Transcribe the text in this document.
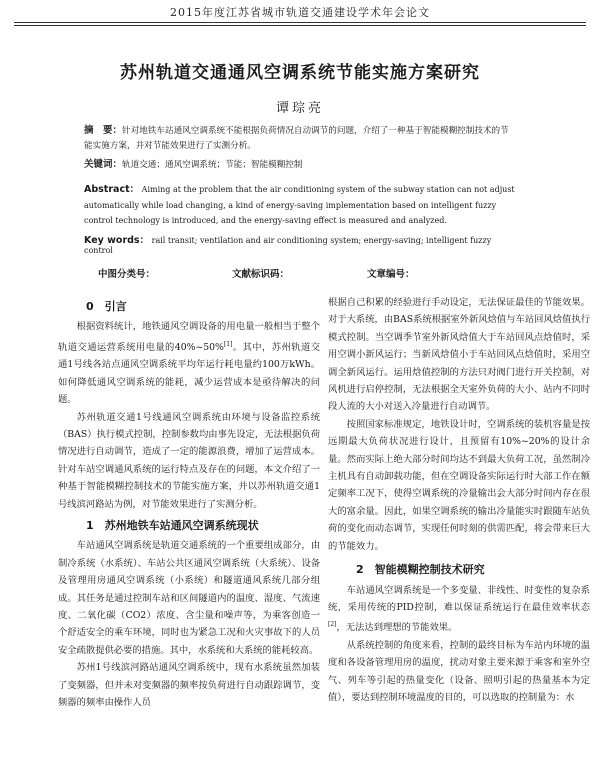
2015年度江苏省城市轨道交通建设学术年会论文
苏州轨道交通通风空调系统节能实施方案研究
谭琮亮
摘　要：针对地铁车站通风空调系统不能根据负荷情况自动调节的问题，介绍了一种基于智能模糊控制技术的节能实施方案，并对节能效果进行了实测分析。
关键词：轨道交通；通风空调系统；节能；智能模糊控制
Abstract： Aiming at the problem that the air conditioning system of the subway station can not adjust automatically while load changing, a kind of energy-saving implementation based on intelligent fuzzy control technology is introduced, and the energy-saving effect is measured and analyzed.
Key words： rail transit; ventilation and air conditioning system; energy-saving; intelligent fuzzy control
中图分类号：	文献标识码：	文章编号：
0　引言

根据资料统计，地铁通风空调设备的用电量一般相当于整个轨道交通运营系统用电量的40%~50%[1]。其中，苏州轨道交通1号线各站点通风空调系统平均年运行耗电量约100万kWh。如何降低通风空调系统的能耗，减少运营成本是亟待解决的问题。

苏州轨道交通1号线通风空调系统由环境与设备监控系统（BAS）执行模式控制，控制参数均由事先设定，无法根据负荷情况进行自动调节，造成了一定的能源浪费，增加了运营成本。针对车站空调通风系统的运行特点及存在的问题，本文介绍了一种基于智能模糊控制技术的节能实施方案，并以苏州轨道交通1号线滨河路站为例，对节能效果进行了实测分析。

1　苏州地铁车站通风空调系统现状

车站通风空调系统是轨道交通系统的一个重要组成部分，由制冷系统（水系统）、车站公共区通风空调系统（大系统）、设备及管理用房通风空调系统（小系统）和隧道通风系统几部分组成。其任务是通过控制车站和区间隧道内的温度、湿度、气流速度、二氧化碳（CO2）浓度、含尘量和噪声等，为乘客创造一个舒适安全的乘车环境，同时也为紧急工况和火灾事故下的人员安全疏散提供必要的措施。其中，水系统和大系统的能耗较高。

苏州1号线滨河路站通风空调系统中，现有水系统虽然加装了变频器，但并未对变频器的频率按负荷进行自动跟踪调节，变频器的频率由操作人员

根据自己积累的经验进行手动设定，无法保证最佳的节能效果。对于大系统，由BAS系统根据室外新风焓值与车站回风焓值执行模式控制。当空调季节室外新风焓值大于车站回风点焓值时，采用空调小新风运行；当新风焓值小于车站回风点焓值时，采用空调全新风运行。运用焓值控制的方法只对阀门进行开关控制，对风机进行启停控制，无法根据全天室外负荷的大小、站内不同时段人流的大小对送入冷量进行自动调节。

按照国家标准规定，地铁设计时，空调系统的装机容量是按远期最大负荷状况进行设计，且预留有10%~20%的设计余量。然而实际上绝大部分时间均达不到最大负荷工况，虽然制冷主机具有自动卸载功能，但在空调设备实际运行时大部工作在额定频率工况下，使得空调系统的冷量输出会大部分时间内存在很大的富余量。因此，如果空调系统的输出冷量能实时跟随车站负荷的变化而动态调节，实现任何时刻的供需匹配，将会带来巨大的节能效力。

2　智能模糊控制技术研究

车站通风空调系统是一个多变量、非线性、时变性的复杂系统，采用传统的PID控制，难以保证系统运行在最佳效率状态[2]，无法达到理想的节能效果。

从系统控制的角度来看，控制的最终目标为车站内环境的温度和各设备管理用房的温度，扰动对象主要来源于乘客和室外空气、列车等引起的热量变化（设备、照明引起的热量基本为定值），要达到控制环境温度的目的，可以选取的控制量为：水
